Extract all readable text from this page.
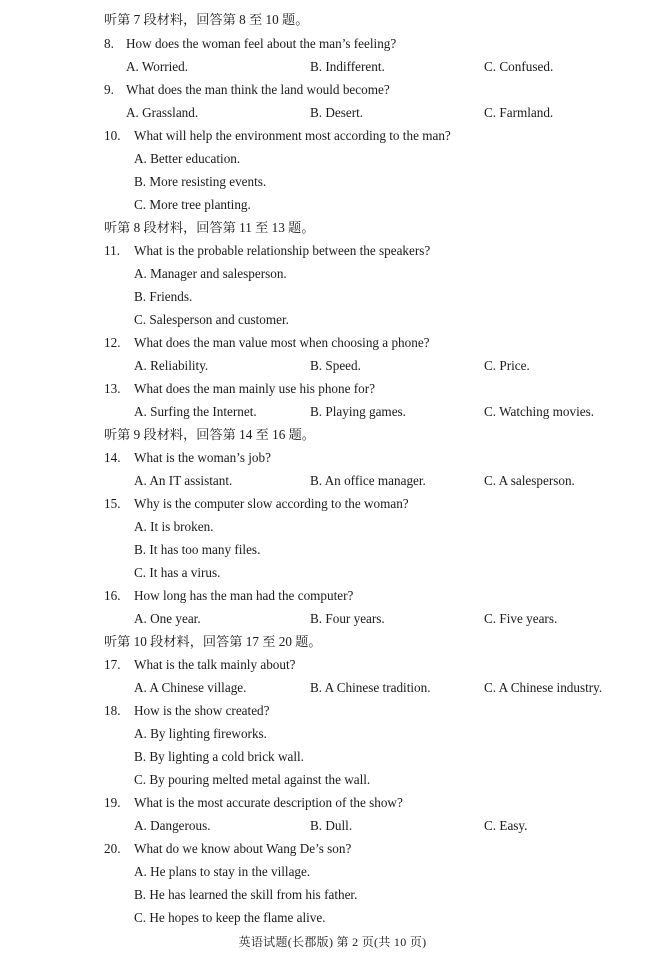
听第 7 段材料，回答第 8 至 10 题。
8. How does the woman feel about the man’s feeling?
A. Worried.	B. Indifferent.	C. Confused.
9. What does the man think the land would become?
A. Grassland.	B. Desert.	C. Farmland.
10. What will help the environment most according to the man?
A. Better education.
B. More resisting events.
C. More tree planting.
听第 8 段材料，回答第 11 至 13 题。
11. What is the probable relationship between the speakers?
A. Manager and salesperson.
B. Friends.
C. Salesperson and customer.
12. What does the man value most when choosing a phone?
A. Reliability.	B. Speed.	C. Price.
13. What does the man mainly use his phone for?
A. Surfing the Internet.	B. Playing games.	C. Watching movies.
听第 9 段材料，回答第 14 至 16 题。
14. What is the woman’s job?
A. An IT assistant.	B. An office manager.	C. A salesperson.
15. Why is the computer slow according to the woman?
A. It is broken.
B. It has too many files.
C. It has a virus.
16. How long has the man had the computer?
A. One year.	B. Four years.	C. Five years.
听第 10 段材料，回答第 17 至 20 题。
17. What is the talk mainly about?
A. A Chinese village.	B. A Chinese tradition.	C. A Chinese industry.
18. How is the show created?
A. By lighting fireworks.
B. By lighting a cold brick wall.
C. By pouring melted metal against the wall.
19. What is the most accurate description of the show?
A. Dangerous.	B. Dull.	C. Easy.
20. What do we know about Wang De’s son?
A. He plans to stay in the village.
B. He has learned the skill from his father.
C. He hopes to keep the flame alive.
英语试题(长郡版) 第 2 页(共 10 页)
